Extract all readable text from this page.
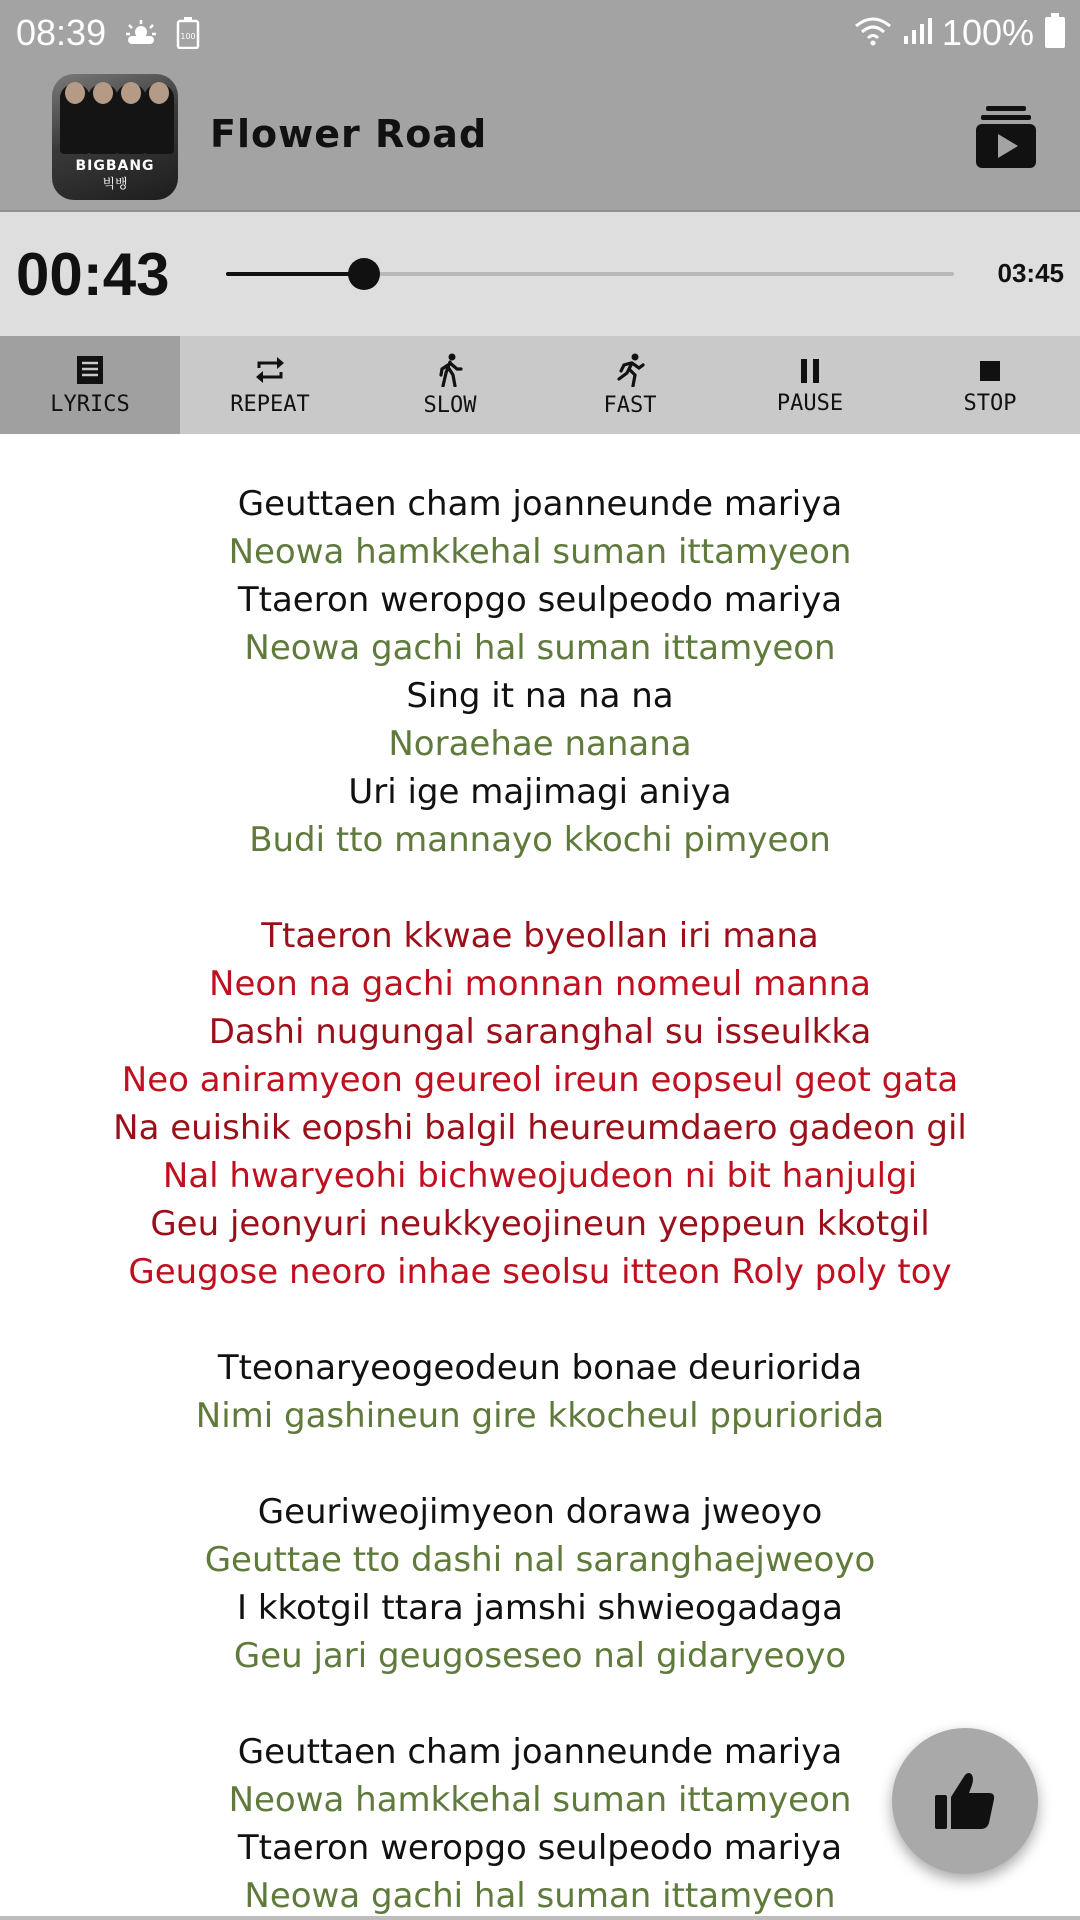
08:39	100	100%
BIGBANG
빅뱅
Flower Road
00:43	03:45
LYRICS	REPEAT	SLOW	FAST	PAUSE	STOP
Geuttaen cham joanneunde mariya
Neowa hamkkehal suman ittamyeon
Ttaeron weropgo seulpeodo mariya
Neowa gachi hal suman ittamyeon
Sing it na na na
Noraehae nanana
Uri ige majimagi aniya
Budi tto mannayo kkochi pimyeon
Ttaeron kkwae byeollan iri mana
Neon na gachi monnan nomeul manna
Dashi nugungal saranghal su isseulkka
Neo aniramyeon geureol ireun eopseul geot gata
Na euishik eopshi balgil heureumdaero gadeon gil
Nal hwaryeohi bichweojudeon ni bit hanjulgi
Geu jeonyuri neukkyeojineun yeppeun kkotgil
Geugose neoro inhae seolsu itteon Roly poly toy
Tteonaryeogeodeun bonae deuriorida
Nimi gashineun gire kkocheul ppuriorida
Geuriweojimyeon dorawa jweoyo
Geuttae tto dashi nal saranghaejweoyo
I kkotgil ttara jamshi shwieogadaga
Geu jari geugoseseo nal gidaryeoyo
Geuttaen cham joanneunde mariya
Neowa hamkkehal suman ittamyeon
Ttaeron weropgo seulpeodo mariya
Neowa gachi hal suman ittamyeon
